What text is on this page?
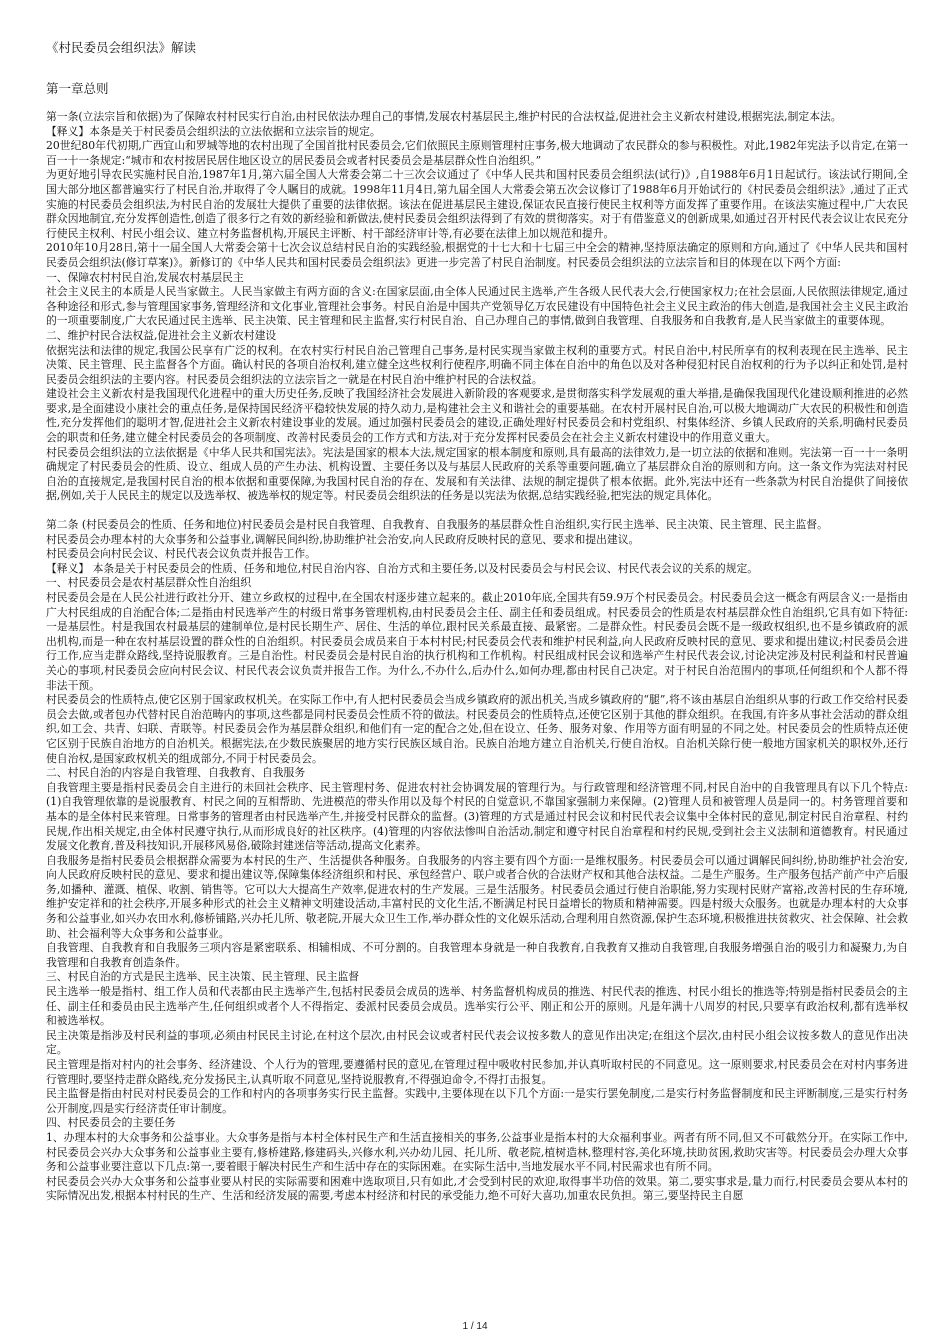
《村民委员会组织法》解读
第一章总则

第一条(立法宗旨和依据)为了保障农村村民实行自治,由村民依法办理自己的事情,发展农村基层民主,维护村民的合法权益,促进社会主义新农村建设,根据宪法,制定本法。

【释义】本条是关于村民委员会组织法的立法依据和立法宗旨的规定。

20世纪80年代初期,广西宜山和罗城等地的农村出现了全国首批村民委员会,它们依照民主原则管理村庄事务,极大地调动了农民群众的参与积极性。对此,1982年宪法予以肯定,在第一百一十一条规定:“城市和农村按居民居住地区设立的居民委员会或者村民委员会是基层群众性自治组织。”

为更好地引导农民实施村民自治,1987年1月,第六届全国人大常委会第二十三次会议通过了《中华人民共和国村民委员会组织法(试行)》,自1988年6月1日起试行。该法试行期间,全国大部分地区都普遍实行了村民自治,并取得了令人瞩目的成就。1998年11月4日,第九届全国人大常委会第五次会议修订了1988年6月开始试行的《村民委员会组织法》,通过了正式实施的村民委员会组织法,为村民自治的发展壮大提供了重要的法律依据。该法在促进基层民主建设,保证农民直接行使民主权利等方面发挥了重要作用。在该法实施过程中,广大农民群众因地制宜,充分发挥创造性,创造了很多行之有效的新经验和新做法,使村民委员会组织法得到了有效的贯彻落实。对于有借鉴意义的创新成果,如通过召开村民代表会议让农民充分行使民主权利、村民小组会议、建立村务监督机构,开展民主评断、村干部经济审计等,有必要在法律上加以规范和提升。

2010年10月28日,第十一届全国人大常委会第十七次会议总结村民自治的实践经验,根据党的十七大和十七届三中全会的精神,坚持原法确定的原则和方向,通过了《中华人民共和国村民委员会组织法(修订草案)》。新修订的《中华人民共和国村民委员会组织法》更进一步完善了村民自治制度。村民委员会组织法的立法宗旨和目的体现在以下两个方面:

一、保障农村村民自治,发展农村基层民主

社会主义民主的本质是人民当家做主。人民当家做主有两方面的含义:在国家层面,由全体人民通过民主选举,产生各级人民代表大会,行使国家权力;在社会层面,人民依照法律规定,通过各种途径和形式,参与管理国家事务,管理经济和文化事业,管理社会事务。村民自治是中国共产党领导亿万农民建设有中国特色社会主义民主政治的伟大创造,是我国社会主义民主政治的一项重要制度,广大农民通过民主选举、民主决策、民主管理和民主监督,实行村民自治、自己办理自己的事情,做到自我管理、自我服务和自我教育,是人民当家做主的重要体现。

二、维护村民合法权益,促进社会主义新农村建设

依据宪法和法律的规定,我国公民享有广泛的权利。在农村实行村民自治己管理自己事务,是村民实现当家做主权利的重要方式。村民自治中,村民所享有的权利表现在民主选举、民主决策、民主管理、民主监督各个方面。确认村民的各项自治权利,建立健全这些权利行使程序,明确不同主体在自治中的角色以及对各种侵犯村民自治权利的行为予以纠正和处罚,是村民委员会组织法的主要内容。村民委员会组织法的立法宗旨之一就是在村民自治中维护村民的合法权益。

建设社会主义新农村是我国现代化进程中的重大历史任务,反映了我国经济社会发展进入新阶段的客观要求,是贯彻落实科学发展观的重大举措,是确保我国现代化建设顺利推进的必然要求,是全面建设小康社会的重点任务,是保持国民经济平稳较快发展的持久动力,是构建社会主义和谐社会的重要基础。在农村开展村民自治,可以极大地调动广大农民的积极性和创造性,充分发挥他们的聪明才智,促进社会主义新农村建设事业的发展。通过加强村民委员会的建设,正确处理好村民委员会和村党组织、村集体经济、乡镇人民政府的关系,明确村民委员会的职责和任务,建立健全村民委员会的各项制度、改善村民委员会的工作方式和方法,对于充分发挥村民委员会在社会主义新农村建设中的作用意义重大。

村民委员会组织法的立法依据是《中华人民共和国宪法》。宪法是国家的根本大法,规定国家的根本制度和原则,具有最高的法律效力,是一切立法的依据和准则。宪法第一百一十一条明确规定了村民委员会的性质、设立、组成人员的产生办法、机构设置、主要任务以及与基层人民政府的关系等重要问题,确立了基层群众自治的原则和方向。这一条文作为宪法对村民自治的直接规定,是我国村民自治的根本依据和重要保障,为我国村民自治的存在、发展和有关法律、法规的制定提供了根本依据。此外,宪法中还有一些条款为村民自治提供了间接依据,例如,关于人民民主的规定以及选举权、被选举权的规定等。村民委员会组织法的任务是以宪法为依据,总结实践经验,把宪法的规定具体化。

第二条 (村民委员会的性质、任务和地位)村民委员会是村民自我管理、自我教育、自我服务的基层群众性自治组织,实行民主选举、民主决策、民主管理、民主监督。

村民委员会办理本村的大众事务和公益事业,调解民间纠纷,协助维护社会治安,向人民政府反映村民的意见、要求和提出建议。

村民委员会向村民会议、村民代表会议负责并报告工作。

【释义】 本条是关于村民委员会的性质、任务和地位,村民自治内容、自治方式和主要任务,以及村民委员会与村民会议、村民代表会议的关系的规定。

一、村民委员会是农村基层群众性自治组织

村民委员会是在人民公社进行政社分开、建立乡政权的过程中,在全国农村逐步建立起来的。截止2010年底,全国共有59.9万个村民委员会。村民委员会这一概念有两层含义:一是指由广大村民组成的自治配合体;二是指由村民选举产生的村级日常事务管理机构,由村民委员会主任、副主任和委员组成。村民委员会的性质是农村基层群众性自治组织,它具有如下特征:一是基层性。村是我国农村最基层的建制单位,是村民长期生产、居住、生活的单位,跟村民关系最直接、最紧密。二是群众性。村民委员会既不是一级政权组织,也不是乡镇政府的派出机构,而是一种在农村基层设置的群众性的自治组织。村民委员会成员来自于本村村民;村民委员会代表和维护村民利益,向人民政府反映村民的意见、要求和提出建议;村民委员会进行工作,应当走群众路线,坚持说服教育。三是自治性。村民委员会是村民自治的执行机构和工作机构。村民组成村民会议和选举产生村民代表会议,讨论决定涉及村民利益和村民普遍关心的事项,村民委员会应向村民会议、村民代表会议负责并报告工作。为什么,不办什么,后办什么,如何办理,都由村民自己决定。对于村民自治范围内的事项,任何组织和个人都不得非法干预。

村民委员会的性质特点,使它区别于国家政权机关。在实际工作中,有人把村民委员会当成乡镇政府的派出机关,当成乡镇政府的“腿”,将不该由基层自治组织从事的行政工作交给村民委员会去做,或者包办代替村民自治范畴内的事项,这些都是同村民委员会性质不符的做法。村民委员会的性质特点,还使它区别于其他的群众组织。在我国,有许多从事社会活动的群众组织,如工会、共青、妇联、青联等。村民委员会作为基层群众组织,和他们有一定的配合之处,但在设立、任务、服务对象、作用等方面有明显的不同之处。村民委员会的性质特点还使它区别于民族自治地方的自治机关。根据宪法,在少数民族聚居的地方实行民族区域自治。民族自治地方建立自治机关,行使自治权。自治机关除行使一般地方国家机关的职权外,还行使自治权,是国家政权机关的组成部分,不同于村民委员会。

二、村民自治的内容是自我管理、自我教育、自我服务

自我管理主要是指村民委员会自主进行的未回社会秩序、民主管理村务、促进农村社会协调发展的管理行为。与行政管理和经济管理不同,村民自治中的自我管理具有以下几个特点:(1)自我管理依靠的是说服教育、村民之间的互相帮助、先进模范的带头作用以及每个村民的自觉意识,不靠国家强制力来保障。(2)管理人员和被管理人员是同一的。村务管理首要和基本的是全体村民来管理。日常事务的管理者由村民选举产生,并接受村民群众的监督。(3)管理的方式是通过村民会议和村民代表会议集中全体村民的意见,制定村民自治章程、村约民规,作出相关规定,由全体村民遵守执行,从而形成良好的社区秩序。(4)管理的内容依法惨叫自治活动,制定和遵守村民自治章程和村约民规,受到社会主义法制和道德教育。村民通过发展文化教育,普及科技知识,开展移风易俗,破除封建迷信等活动,提高文化素养。

自我服务是指村民委员会根据群众需要为本村民的生产、生活提供各种服务。自我服务的内容主要有四个方面:一是维权服务。村民委员会可以通过调解民间纠纷,协助维护社会治安,向人民政府反映村民的意见、要求和提出建议等,保障集体经济组织和村民、承包经营户、联户或者合伙的合法财产权和其他合法权益。二是生产服务。生产服务包括产前产中产后服务,如播种、灌溉、植保、收割、销售等。它可以大大提高生产效率,促进农村的生产发展。三是生活服务。村民委员会通过行使自治职能,努力实现村民财产富裕,改善村民的生存环境,维护安定祥和的社会秩序,开展多种形式的社会主义精神文明建设活动,丰富村民的文化生活,不断满足村民日益增长的物质和精神需要。四是村级大众服务。也就是办理本村的大众事务和公益事业,如兴办农田水利,修桥铺路,兴办托儿所、敬老院,开展大众卫生工作,举办群众性的文化娱乐活动,合理利用自然资源,保护生态环境,积极推进扶贫救灾、社会保障、社会救助、社会福利等大众事务和公益事业。

自我管理、自我教育和自我服务三项内容是紧密联系、相辅相成、不可分割的。自我管理本身就是一种自我教育,自我教育又推动自我管理,自我服务增强自治的吸引力和凝聚力,为自我管理和自我教育创造条件。

三、村民自治的方式是民主选举、民主决策、民主管理、民主监督

民主选举一般是指村、组工作人员和代表都由民主选举产生,包括村民委员会成员的选举、村务监督机构成员的推选、村民代表的推选、村民小组长的推选等;特别是指村民委员会的主任、副主任和委员由民主选举产生,任何组织或者个人不得指定、委派村民委员会成员。选举实行公平、刚正和公开的原则。凡是年满十八周岁的村民,只要享有政治权利,都有选举权和被选举权。

民主决策是指涉及村民利益的事项,必须由村民民主讨论,在村这个层次,由村民会议或者村民代表会议按多数人的意见作出决定;在组这个层次,由村民小组会议按多数人的意见作出决定。

民主管理是指对村内的社会事务、经济建设、个人行为的管理,要遵循村民的意见,在管理过程中吸收村民参加,并认真听取村民的不同意见。这一原则要求,村民委员会在对村内事务进行管理时,要坚持走群众路线,充分发扬民主,认真听取不同意见,坚持说服教育,不得强迫命令,不得打击报复。

民主监督是指由村民对村民委员会的工作和村内的各项事务实行民主监督。实践中,主要体现在以下几个方面:一是实行罢免制度,二是实行村务监督制度和民主评断制度,三是实行村务公开制度,四是实行经济责任审计制度。

四、村民委员会的主要任务

1、办理本村的大众事务和公益事业。大众事务是指与本村全体村民生产和生活直接相关的事务,公益事业是指本村的大众福利事业。两者有所不同,但又不可截然分开。在实际工作中,村民委员会兴办大众事务和公益事业主要有,修桥建路,修建码头,兴修水利,兴办幼儿园、托儿所、敬老院,植树造林,整理村容,美化环境,扶助贫困,救助灾害等。村民委员会办理大众事务和公益事业要注意以下几点:第一,要着眼于解决村民生产和生活中存在的实际困难。在实际生活中,当地发展水平不同,村民需求也有所不同。

村民委员会兴办大众事务和公益事业要从村民的实际需要和困难中选取项目,只有如此,才会受到村民的欢迎,取得事半功倍的效果。第二,要实事求是,量力而行,村民委员会要从本村的实际情况出发,根据本村村民的生产、生活和经济发展的需要,考虑本村经济和村民的承受能力,绝不可好大喜功,加重农民负担。第三,要坚持民主自愿

1 / 14
